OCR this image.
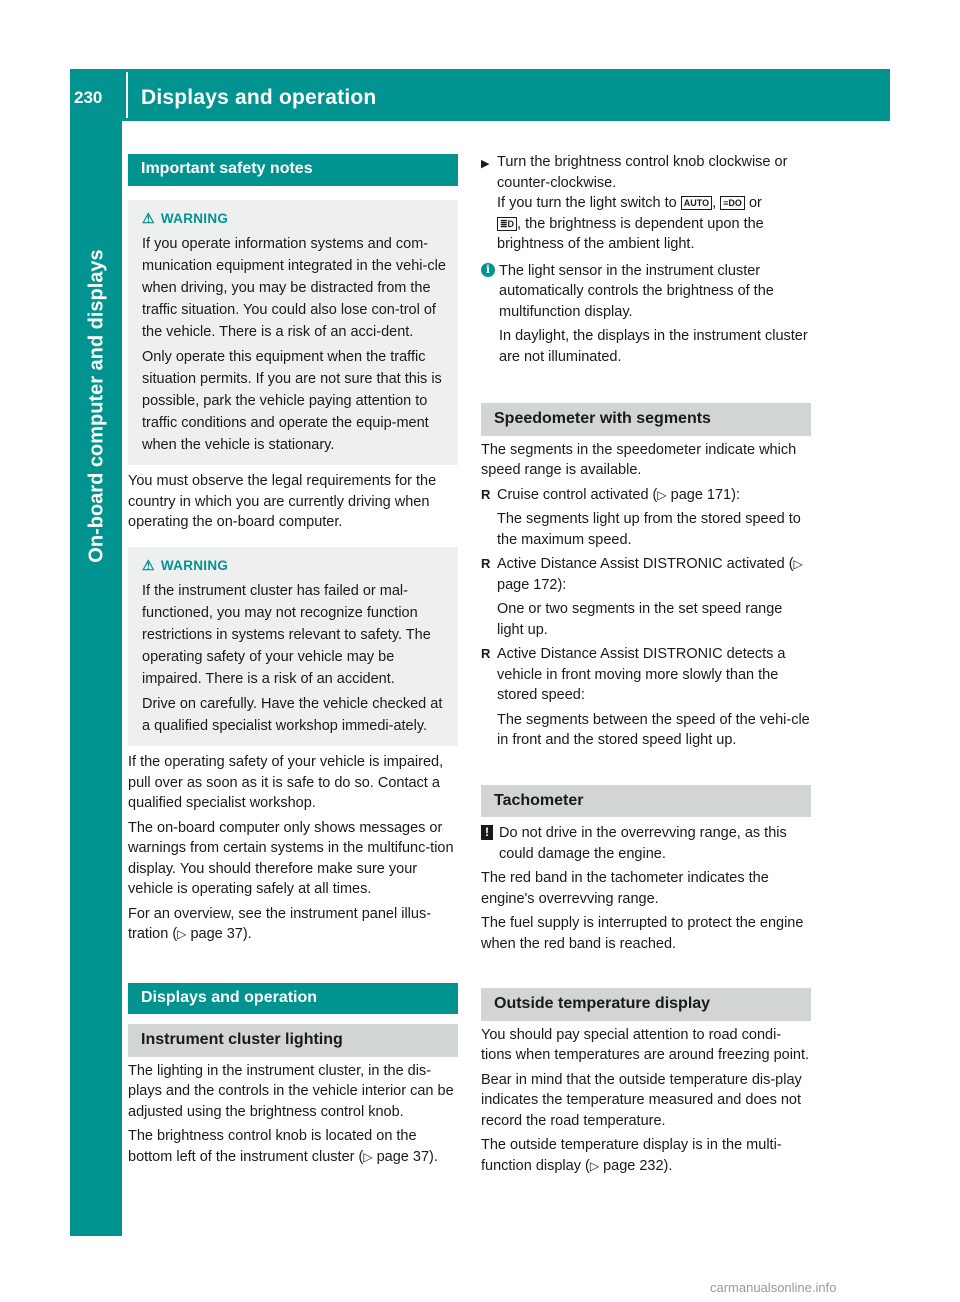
230 Displays and operation
On-board computer and displays
Important safety notes
⚠ WARNING

If you operate information systems and com-munication equipment integrated in the vehi-cle when driving, you may be distracted from the traffic situation. You could also lose con-trol of the vehicle. There is a risk of an acci-dent.

Only operate this equipment when the traffic situation permits. If you are not sure that this is possible, park the vehicle paying attention to traffic conditions and operate the equip-ment when the vehicle is stationary.

You must observe the legal requirements for the country in which you are currently driving when operating the on-board computer.

⚠ WARNING

If the instrument cluster has failed or mal-functioned, you may not recognize function restrictions in systems relevant to safety. The operating safety of your vehicle may be impaired. There is a risk of an accident.

Drive on carefully. Have the vehicle checked at a qualified specialist workshop immedi-ately.

If the operating safety of your vehicle is impaired, pull over as soon as it is safe to do so. Contact a qualified specialist workshop.

The on-board computer only shows messages or warnings from certain systems in the multifunc-tion display. You should therefore make sure your vehicle is operating safely at all times.

For an overview, see the instrument panel illus-tration (▷ page 37).

Displays and operation
Instrument cluster lighting

The lighting in the instrument cluster, in the dis-plays and the controls in the vehicle interior can be adjusted using the brightness control knob.

The brightness control knob is located on the bottom left of the instrument cluster (▷ page 37).

▶ Turn the brightness control knob clockwise or counter-clockwise.
If you turn the light switch to AUTO , ≡DO or
≣D , the brightness is dependent upon the brightness of the ambient light.

i The light sensor in the instrument cluster automatically controls the brightness of the multifunction display.

In daylight, the displays in the instrument cluster are not illuminated.

Speedometer with segments

The segments in the speedometer indicate which speed range is available.

R Cruise control activated (▷ page 171):

The segments light up from the stored speed to the maximum speed.

R Active Distance Assist DISTRONIC activated (▷ page 172):

One or two segments in the set speed range light up.

R Active Distance Assist DISTRONIC detects a vehicle in front moving more slowly than the stored speed:

The segments between the speed of the vehi-cle in front and the stored speed light up.

Tachometer
! Do not drive in the overrevving range, as this could damage the engine.

The red band in the tachometer indicates the engine's overrevving range.

The fuel supply is interrupted to protect the engine when the red band is reached.

Outside temperature display

You should pay special attention to road condi-tions when temperatures are around freezing point.

Bear in mind that the outside temperature dis-play indicates the temperature measured and does not record the road temperature.

The outside temperature display is in the multi-function display (▷ page 232).

carmanualsonline.info
